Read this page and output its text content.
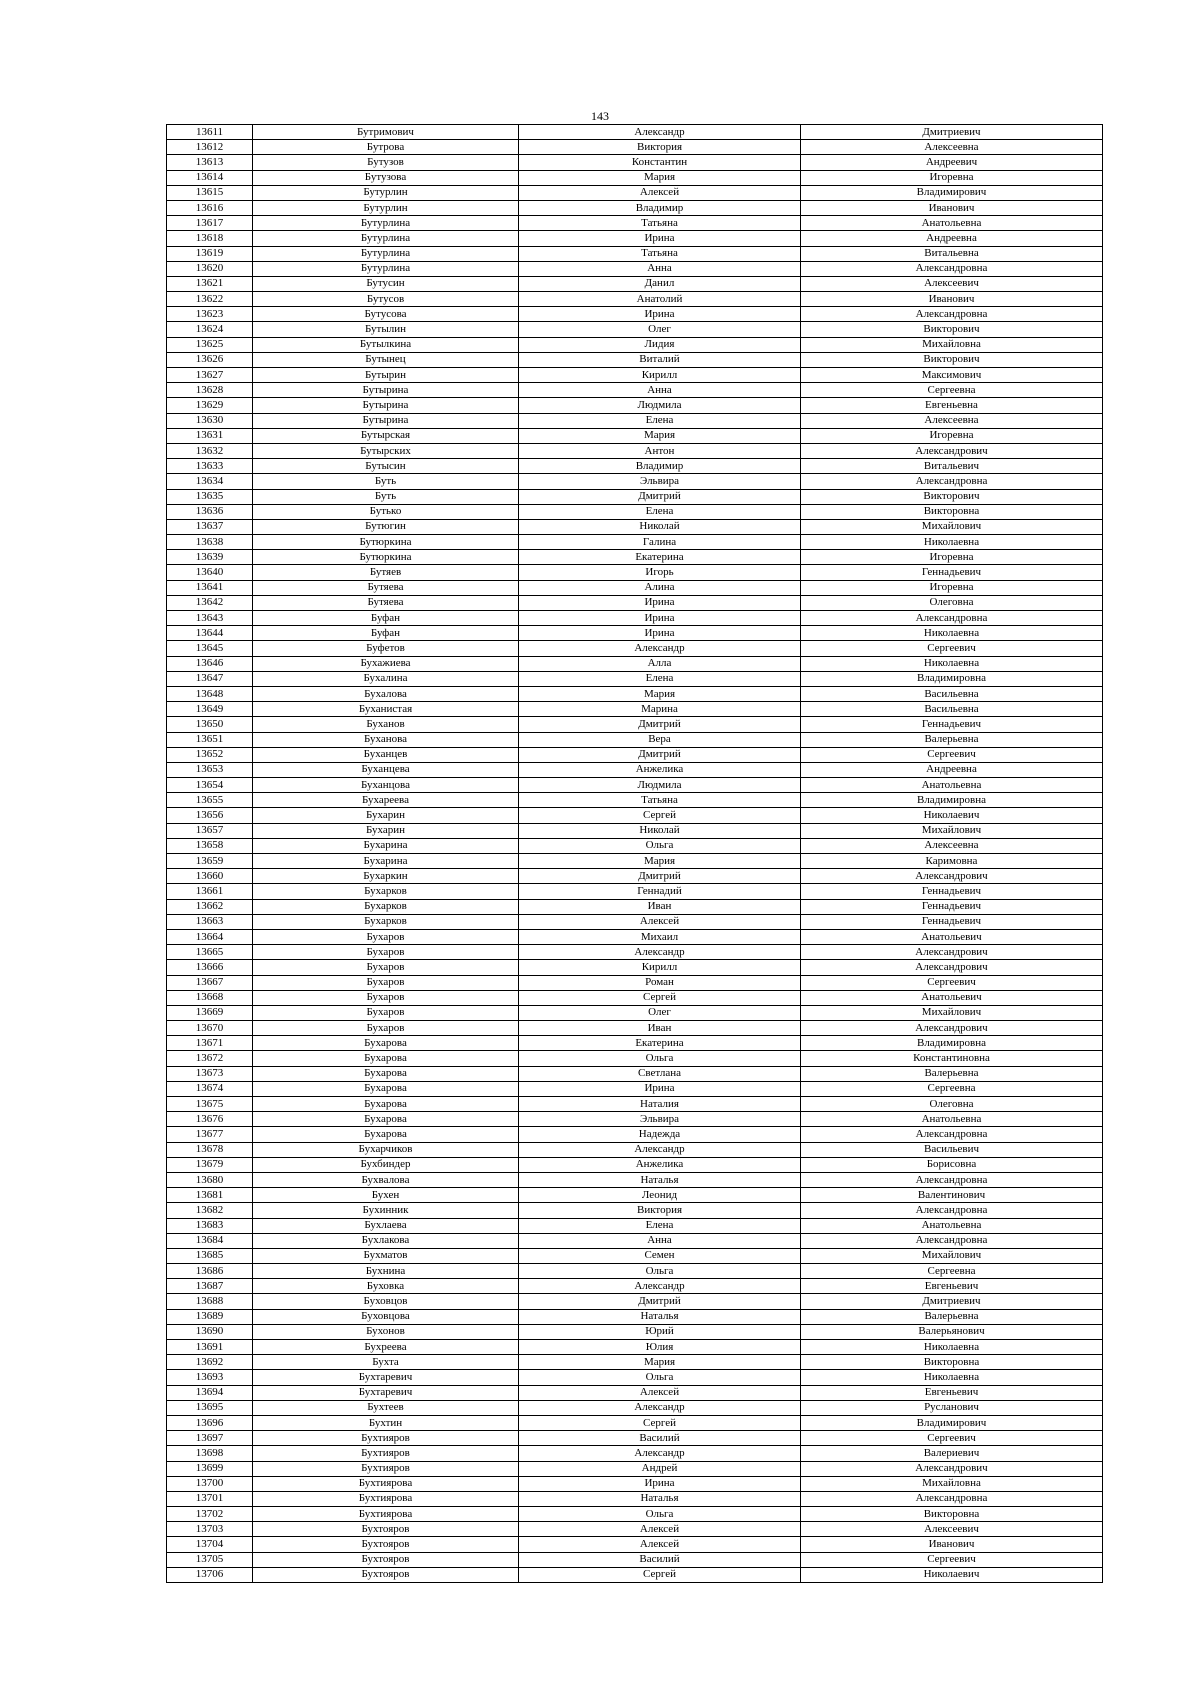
143
13611	Бутримович	Александр	Дмитриевич
13612	Бутрова	Виктория	Алексеевна
13613	Бутузов	Константин	Андреевич
13614	Бутузова	Мария	Игоревна
13615	Бутурлин	Алексей	Владимирович
13616	Бутурлин	Владимир	Иванович
13617	Бутурлина	Татьяна	Анатольевна
13618	Бутурлина	Ирина	Андреевна
13619	Бутурлина	Татьяна	Витальевна
13620	Бутурлина	Анна	Александровна
13621	Бутусин	Данил	Алексеевич
13622	Бутусов	Анатолий	Иванович
13623	Бутусова	Ирина	Александровна
13624	Бутылин	Олег	Викторович
13625	Бутылкина	Лидия	Михайловна
13626	Бутынец	Виталий	Викторович
13627	Бутырин	Кирилл	Максимович
13628	Бутырина	Анна	Сергеевна
13629	Бутырина	Людмила	Евгеньевна
13630	Бутырина	Елена	Алексеевна
13631	Бутырская	Мария	Игоревна
13632	Бутырских	Антон	Александрович
13633	Бутысин	Владимир	Витальевич
13634	Буть	Эльвира	Александровна
13635	Буть	Дмитрий	Викторович
13636	Бутько	Елена	Викторовна
13637	Бутюгин	Николай	Михайлович
13638	Бутюркина	Галина	Николаевна
13639	Бутюркина	Екатерина	Игоревна
13640	Бутяев	Игорь	Геннадьевич
13641	Бутяева	Алина	Игоревна
13642	Бутяева	Ирина	Олеговна
13643	Буфан	Ирина	Александровна
13644	Буфан	Ирина	Николаевна
13645	Буфетов	Александр	Сергеевич
13646	Бухажиева	Алла	Николаевна
13647	Бухалина	Елена	Владимировна
13648	Бухалова	Мария	Васильевна
13649	Буханистая	Марина	Васильевна
13650	Буханов	Дмитрий	Геннадьевич
13651	Буханова	Вера	Валерьевна
13652	Буханцев	Дмитрий	Сергеевич
13653	Буханцева	Анжелика	Андреевна
13654	Буханцова	Людмила	Анатольевна
13655	Бухареева	Татьяна	Владимировна
13656	Бухарин	Сергей	Николаевич
13657	Бухарин	Николай	Михайлович
13658	Бухарина	Ольга	Алексеевна
13659	Бухарина	Мария	Каримовна
13660	Бухаркин	Дмитрий	Александрович
13661	Бухарков	Геннадий	Геннадьевич
13662	Бухарков	Иван	Геннадьевич
13663	Бухарков	Алексей	Геннадьевич
13664	Бухаров	Михаил	Анатольевич
13665	Бухаров	Александр	Александрович
13666	Бухаров	Кирилл	Александрович
13667	Бухаров	Роман	Сергеевич
13668	Бухаров	Сергей	Анатольевич
13669	Бухаров	Олег	Михайлович
13670	Бухаров	Иван	Александрович
13671	Бухарова	Екатерина	Владимировна
13672	Бухарова	Ольга	Константиновна
13673	Бухарова	Светлана	Валерьевна
13674	Бухарова	Ирина	Сергеевна
13675	Бухарова	Наталия	Олеговна
13676	Бухарова	Эльвира	Анатольевна
13677	Бухарова	Надежда	Александровна
13678	Бухарчиков	Александр	Васильевич
13679	Бухбиндер	Анжелика	Борисовна
13680	Бухвалова	Наталья	Александровна
13681	Бухен	Леонид	Валентинович
13682	Бухинник	Виктория	Александровна
13683	Бухлаева	Елена	Анатольевна
13684	Бухлакова	Анна	Александровна
13685	Бухматов	Семен	Михайлович
13686	Бухнина	Ольга	Сергеевна
13687	Буховка	Александр	Евгеньевич
13688	Буховцов	Дмитрий	Дмитриевич
13689	Буховцова	Наталья	Валерьевна
13690	Бухонов	Юрий	Валерьянович
13691	Бухреева	Юлия	Николаевна
13692	Бухта	Мария	Викторовна
13693	Бухтаревич	Ольга	Николаевна
13694	Бухтаревич	Алексей	Евгеньевич
13695	Бухтеев	Александр	Русланович
13696	Бухтин	Сергей	Владимирович
13697	Бухтияров	Василий	Сергеевич
13698	Бухтияров	Александр	Валериевич
13699	Бухтияров	Андрей	Александрович
13700	Бухтиярова	Ирина	Михайловна
13701	Бухтиярова	Наталья	Александровна
13702	Бухтиярова	Ольга	Викторовна
13703	Бухтояров	Алексей	Алексеевич
13704	Бухтояров	Алексей	Иванович
13705	Бухтояров	Василий	Сергеевич
13706	Бухтояров	Сергей	Николаевич
